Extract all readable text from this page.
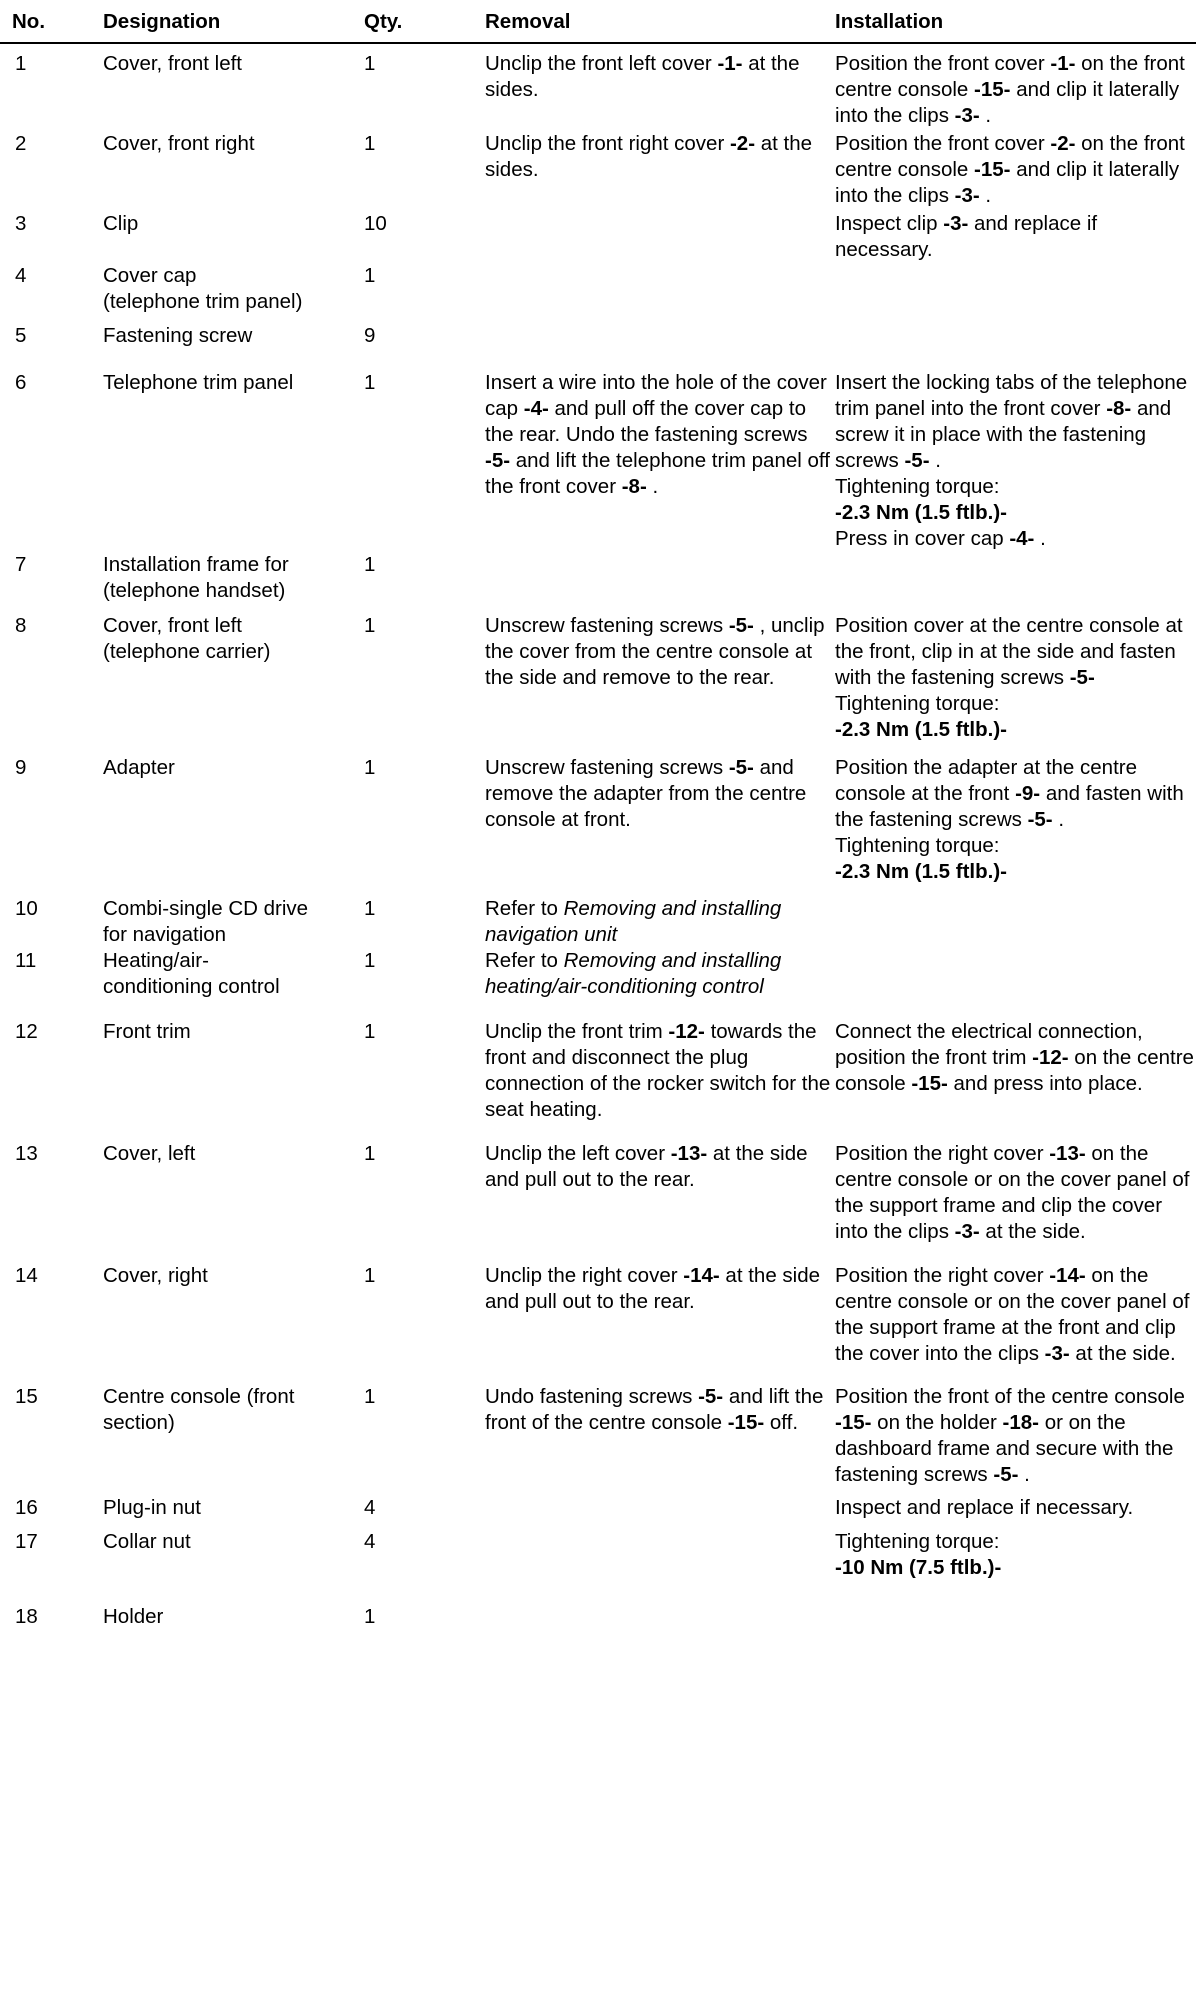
No.	Designation	Qty.	Removal	Installation
1	Cover, front left	1	Unclip the front left cover -1- at the sides.	Position the front cover -1- on the front centre console -15- and clip it laterally into the clips -3- .
2	Cover, front right	1	Unclip the front right cover -2- at the sides.	Position the front cover -2- on the front centre console -15- and clip it laterally into the clips -3- .
3	Clip	10		Inspect clip -3- and replace if necessary.
4	Cover cap
(telephone trim panel)	1		
5	Fastening screw	9		
6	Telephone trim panel	1	Insert a wire into the hole of the cover cap -4- and pull off the cover cap to the rear. Undo the fastening screws -5- and lift the telephone trim panel off the front cover -8- .	Insert the locking tabs of the telephone trim panel into the front cover -8- and screw it in place with the fastening screws -5- .
Tightening torque:
-2.3 Nm (1.5 ftlb.)-
Press in cover cap -4- .
7	Installation frame for
(telephone handset)	1		
8	Cover, front left
(telephone carrier)	1	Unscrew fastening screws -5- , unclip the cover from the centre console at the side and remove to the rear.	Position cover at the centre console at the front, clip in at the side and fasten with the fastening screws -5-
Tightening torque:
-2.3 Nm (1.5 ftlb.)-
9	Adapter	1	Unscrew fastening screws -5- and remove the adapter from the centre console at front.	Position the adapter at the centre console at the front -9- and fasten with the fastening screws -5- .
Tightening torque:
-2.3 Nm (1.5 ftlb.)-
10	Combi-single CD drive
for navigation	1	Refer to Removing and installing navigation unit	
11	Heating/air-
conditioning control	1	Refer to Removing and installing heating/air-conditioning control	
12	Front trim	1	Unclip the front trim -12- towards the front and disconnect the plug connection of the rocker switch for the seat heating.	Connect the electrical connection, position the front trim -12- on the centre console -15- and press into place.
13	Cover, left	1	Unclip the left cover -13- at the side and pull out to the rear.	Position the right cover -13- on the centre console or on the cover panel of the support frame and clip the cover into the clips -3- at the side.
14	Cover, right	1	Unclip the right cover -14- at the side and pull out to the rear.	Position the right cover -14- on the centre console or on the cover panel of the support frame at the front and clip the cover into the clips -3- at the side.
15	Centre console (front
section)	1	Undo fastening screws -5- and lift the front of the centre console -15- off.	Position the front of the centre console -15- on the holder -18- or on the dashboard frame and secure with the fastening screws -5- .
16	Plug-in nut	4		Inspect and replace if necessary.
17	Collar nut	4		Tightening torque:
-10 Nm (7.5 ftlb.)-
18	Holder	1		
